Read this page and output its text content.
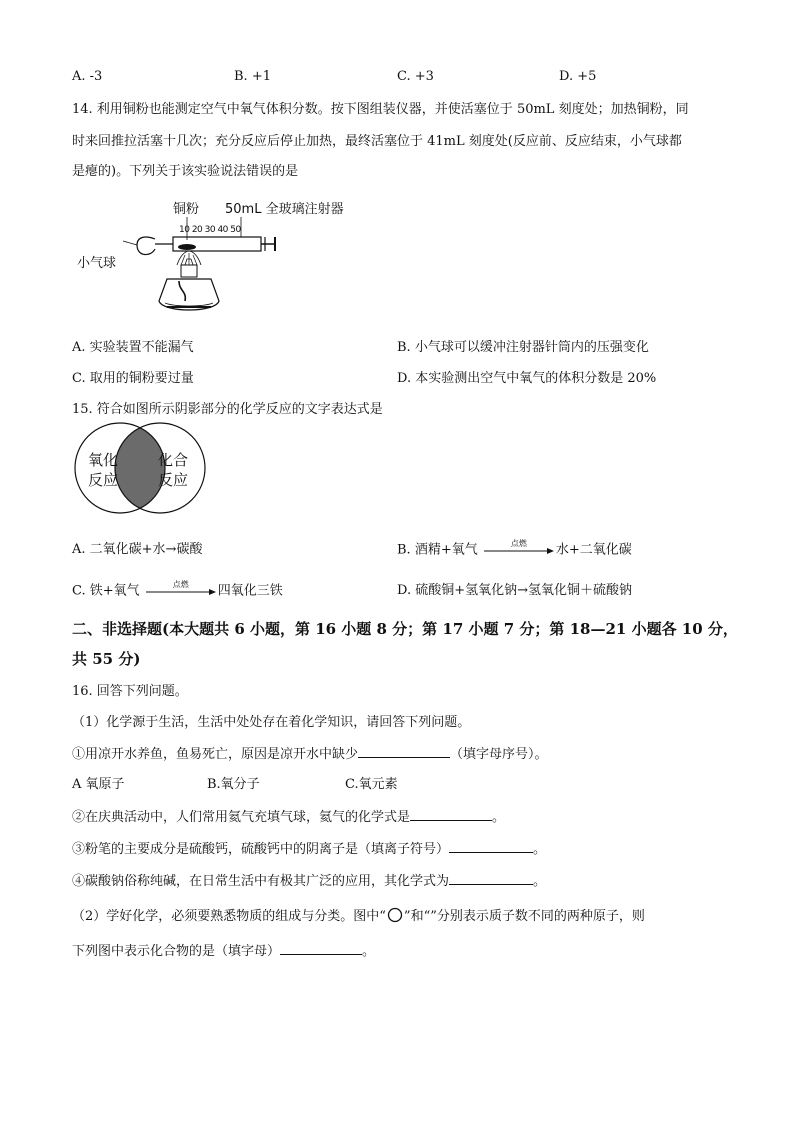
A. -3	B. +1	C. +3	D. +5
14. 利用铜粉也能测定空气中氧气体积分数。按下图组装仪器，并使活塞位于 50mL 刻度处；加热铜粉，同
时来回推拉活塞十几次；充分反应后停止加热，最终活塞位于 41mL 刻度处(反应前、反应结束，小气球都
是瘪的)。下列关于该实验说法错误的是
铜粉 50mL 全玻璃注射器
10 20 30 40 50
小气球
A. 实验装置不能漏气	B. 小气球可以缓冲注射器针筒内的压强变化
C. 取用的铜粉要过量	D. 本实验测出空气中氧气的体积分数是 20%
15. 符合如图所示阴影部分的化学反应的文字表达式是
氧化
反应
化合
反应
A. 二氧化碳+水→碳酸	B. 酒精+氧气	点燃	水+二氧化碳
C. 铁+氧气	点燃	四氧化三铁	D. 硫酸铜+氢氧化钠→氢氧化铜＋硫酸钠
二、非选择题(本大题共 6 小题，第 16 小题 8 分；第 17 小题 7 分；第 18—21 小题各 10 分，
共 55 分)
16. 回答下列问题。
（1）化学源于生活，生活中处处存在着化学知识，请回答下列问题。
①用凉开水养鱼，鱼易死亡，原因是凉开水中缺少	（填字母序号）。
A 氧原子	B.氧分子	C.氧元素
②在庆典活动中，人们常用氦气充填气球，氦气的化学式是	。
③粉笔的主要成分是硫酸钙，硫酸钙中的阴离子是（填离子符号）	。
④碳酸钠俗称纯碱，在日常生活中有极其广泛的应用，其化学式为	。
（2）学好化学，必须要熟悉物质的组成与分类。图中“ ”和“”分别表示质子数不同的两种原子，则
下列图中表示化合物的是（填字母）	。
